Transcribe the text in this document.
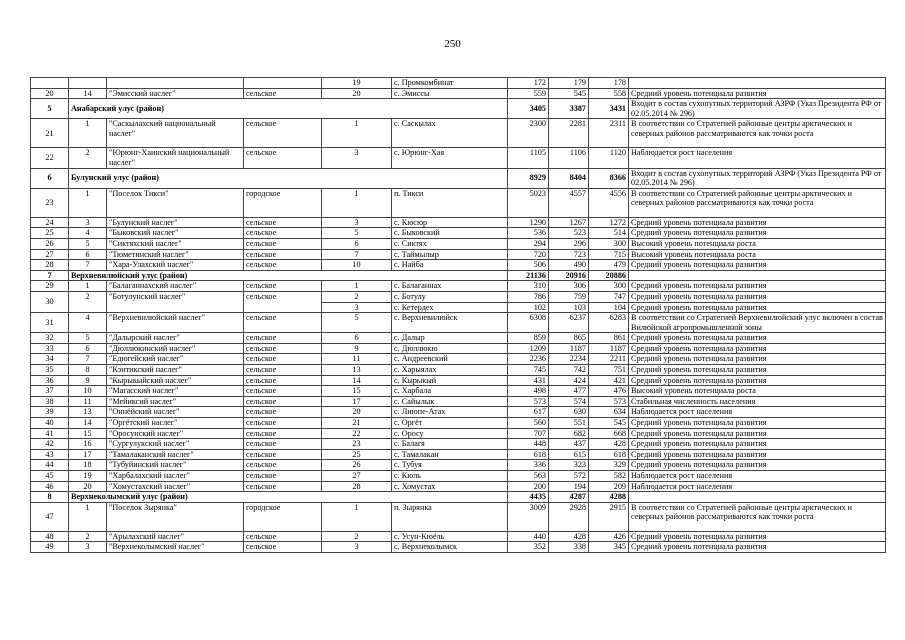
250
				19	с. Промкомбинат	172	179	178	
20	14	"Эмисский наслег"	сельское	20	с. Эмиссы	559	545	558	Средний уровень потенциала развития
5	Анабарский улус (район)					3405	3387	3431	Входит в состав сухопутных территорий АЗРФ (Указ Президента РФ от 02.05.2014 № 296)
21	1	"Саскылахский национальный наслег"	сельское	1	с. Саскылах	2300	2281	2311	В соответствии со Стратегией районные центры арктических и северных районов рассматриваются как точки роста
22	2	"Юрюнг-Хаинский национальный наслег"	сельское	3	с. Юрюнг-Хая	1105	1106	1120	Наблюдается рост населения
6	Булунский улус (район)					8929	8404	8366	Входит в состав сухопутных территорий АЗРФ (Указ Президента РФ от 02.05.2014 № 296)
23	1	"Поселок Тикси"	городское	1	п. Тикси	5023	4557	4556	В соответствии со Стратегией районные центры арктических и северных районов рассматриваются как точки роста
24	3	"Булунский наслег"	сельское	3	с. Кюсюр	1290	1267	1272	Средний уровень потенциала развития
25	4	"Быковский наслег"	сельское	5	с. Быковский	536	523	514	Средний уровень потенциала развития
26	5	"Сиктяхский наслег"	сельское	6	с. Сиктях	294	296	300	Высокий уровень потенциала роста
27	6	"Тюметинский наслег"	сельское	7	с. Таймылыр	720	723	715	Высокий уровень потенциала роста
28	7	"Хара-Улахский наслег"	сельское	10	с. Найба	506	490	479	Средний уровень потенциала развития
7	Верхневилюйский улус (район)					21136	20916	20886	
29	1	"Балаганнахский наслег"	сельское	1	с. Балаганнах	310	306	300	Средний уровень потенциала развития
30	2	"Ботулунский наслег"	сельское	2	с. Ботулу	786	759	747	Средний уровень потенциала развития
				3	с. Кетердех	102	103	104	Средний уровень потенциала развития
31	4	"Верхневилюйский наслег"	сельское	5	с. Верхневилюйск	6308	6237	6283	В соответствии со Стратегией Верхневилюйский улус включен в состав Вилюйской агропромышленной зоны
32	5	"Далырский наслег"	сельское	6	с. Далыр	859	865	861	Средний уровень потенциала развития
33	6	"Дюллюкинский наслег"	сельское	9	с. Дюллюкю	1209	1187	1187	Средний уровень потенциала развития
34	7	"Едюгейский наслег"	сельское	11	с. Андреевский	2236	2234	2211	Средний уровень потенциала развития
35	8	"Кэнтикский наслег"	сельское	13	с. Харыялах	745	742	751	Средний уровень потенциала развития
36	9	"Кырыкыйский наслег"	сельское	14	с. Кырыкый	431	424	421	Средний уровень потенциала развития
37	10	"Магасский наслег"	сельское	15	с. Харбала	498	477	476	Высокий уровень потенциала роста
38	11	"Мейиксий наслег"	сельское	17	с. Сайылык	573	574	573	Стабильная численность населения
39	13	"Оннёйский наслег"	сельское	20	с. Лиюпе-Атах	617	630	634	Наблюдается рост населения
40	14	"Оргётский наслег"	сельское	21	с. Оргёт	560	551	545	Средний уровень потенциала развития
41	15	"Оросунский наслег"	сельское	22	с. Оросу	707	682	668	Средний уровень потенциала развития
42	16	"Сургулукский наслег"	сельское	23	с. Балагя	448	437	428	Средний уровень потенциала развития
43	17	"Тамалаканский наслег"	сельское	25	с. Тамалакан	618	615	618	Средний уровень потенциала развития
44	18	"Тубуйинский наслег"	сельское	26	с. Тубуя	336	323	329	Средний уровень потенциала развития
45	19	"Харбалахский наслег"	сельское	27	с. Кюль	563	572	582	Наблюдается рост населения
46	20	"Хомустахский наслег"	сельское	28	с. Хомустах	200	194	209	Наблюдается рост населения
8	Верхнеколымский улус (район)					4435	4287	4288	
47	1	"Поселок Зырянка"	городское	1	п. Зырянка	3009	2928	2915	В соответствии со Стратегией районные центры арктических и северных районов рассматриваются как точки роста
48	2	"Арылахский наслег"	сельское	2	с. Усун-Кюёль	440	428	426	Средний уровень потенциала развития
49	3	"Верхнеколымский наслег"	сельское	3	с. Верхнеколымск	352	338	345	Средний уровень потенциала развития
